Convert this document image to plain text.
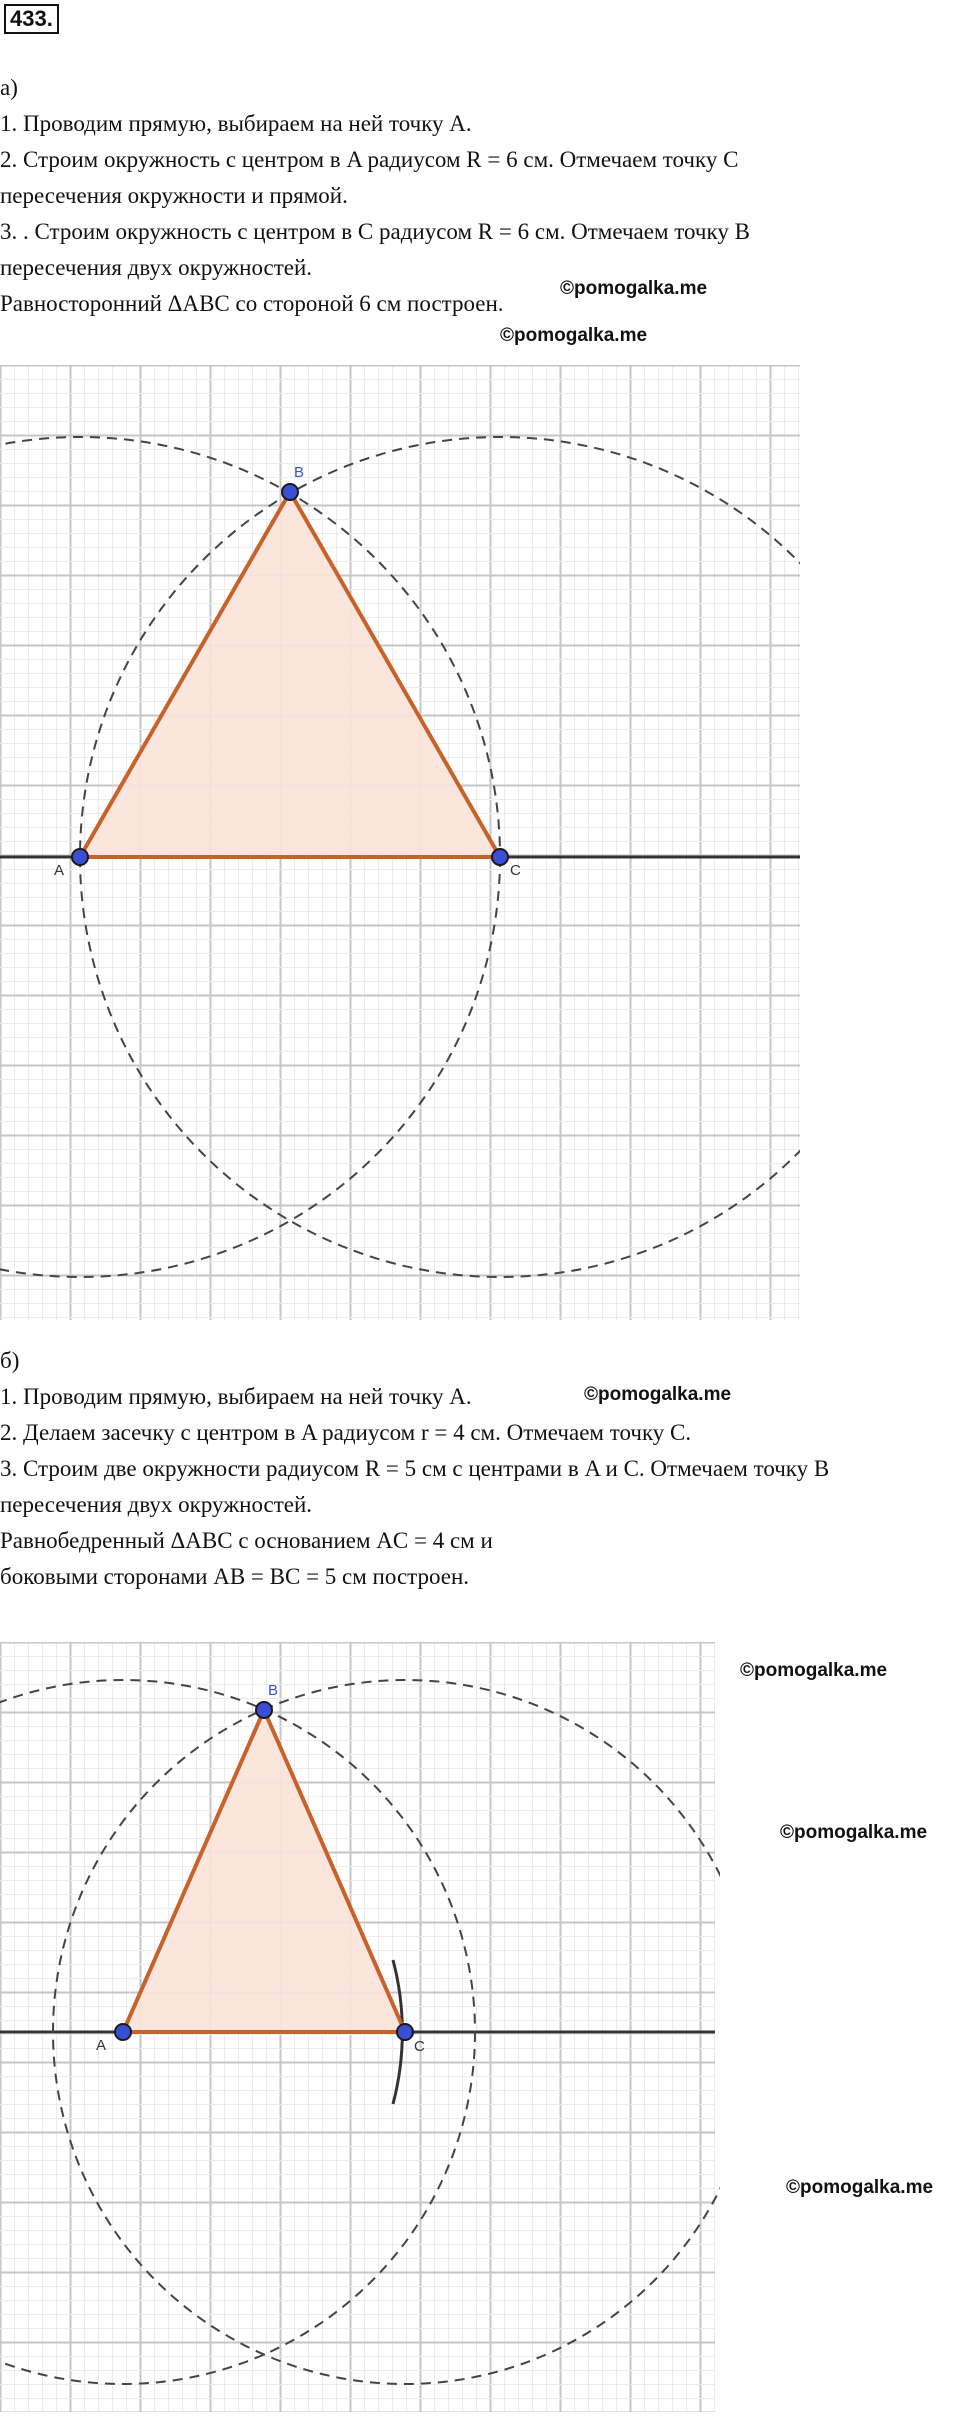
433.

а)

1. Проводим прямую, выбираем на ней точку A.

2. Строим окружность с центром в A радиусом R = 6 см. Отмечаем точку C

пересечения окружности и прямой.

3. . Строим окружность с центром в C радиусом R = 6 см. Отмечаем точку B

пересечения двух окружностей.

Равносторонний ΔABC со стороной 6 см построен.

©pomogalka.me
©pomogalka.me
A
B
C

б)

1. Проводим прямую, выбираем на ней точку A.

2. Делаем засечку с центром в A радиусом r = 4 см. Отмечаем точку C.

3. Строим две окружности радиусом R = 5 см с центрами в A и C. Отмечаем точку B

пересечения двух окружностей.

Равнобедренный ΔABC с основанием AC = 4 см и

боковыми сторонами AB = BC = 5 см построен.

©pomogalka.me
A
B
C
©pomogalka.me
©pomogalka.me
©pomogalka.me
